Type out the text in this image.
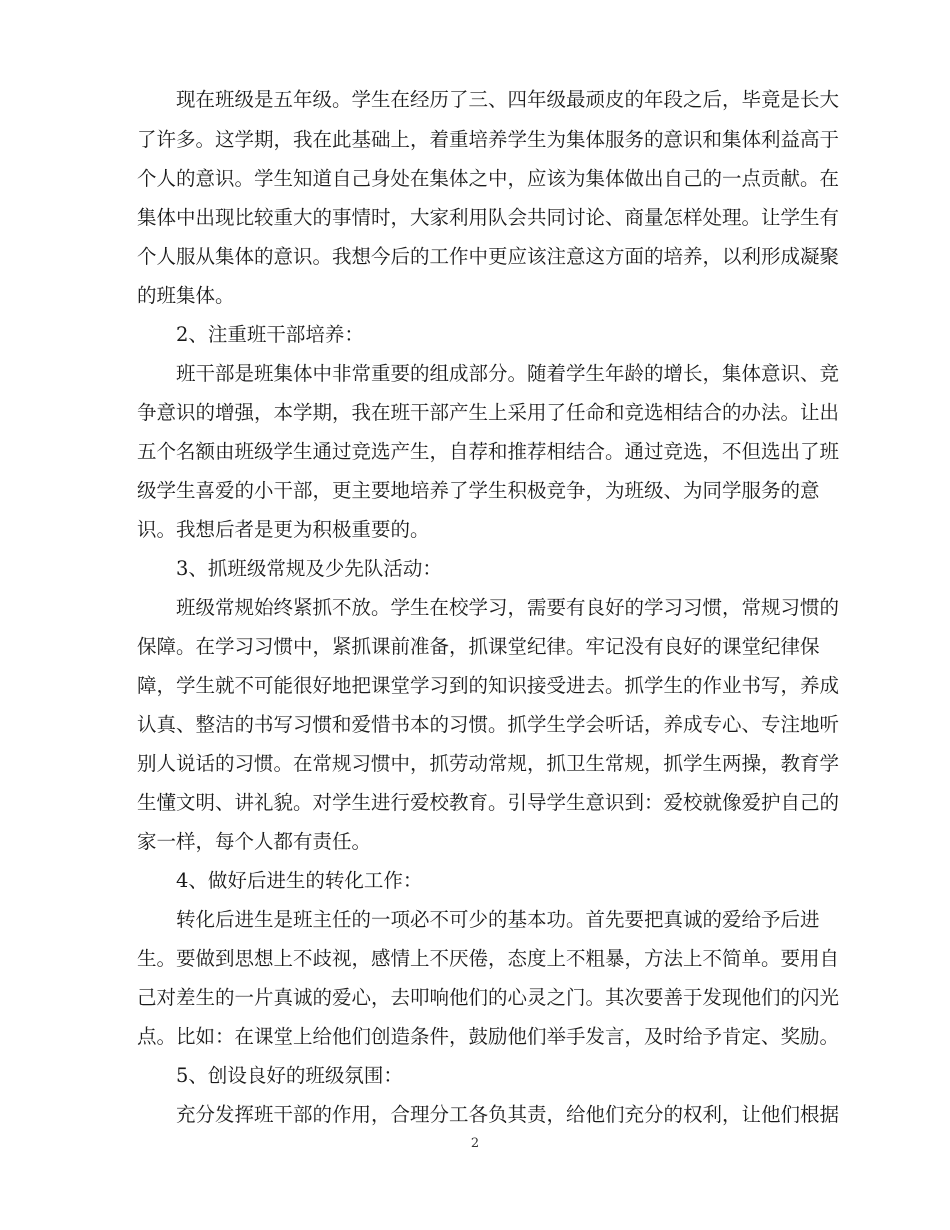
现在班级是五年级。学生在经历了三、四年级最顽皮的年段之后，毕竟是长大
了许多。这学期，我在此基础上，着重培养学生为集体服务的意识和集体利益高于
个人的意识。学生知道自己身处在集体之中，应该为集体做出自己的一点贡献。在
集体中出现比较重大的事情时，大家利用队会共同讨论、商量怎样处理。让学生有
个人服从集体的意识。我想今后的工作中更应该注意这方面的培养，以利形成凝聚
的班集体。
2、注重班干部培养：
班干部是班集体中非常重要的组成部分。随着学生年龄的增长，集体意识、竞
争意识的增强，本学期，我在班干部产生上采用了任命和竞选相结合的办法。让出
五个名额由班级学生通过竞选产生，自荐和推荐相结合。通过竞选，不但选出了班
级学生喜爱的小干部，更主要地培养了学生积极竞争，为班级、为同学服务的意
识。我想后者是更为积极重要的。
3、抓班级常规及少先队活动：
班级常规始终紧抓不放。学生在校学习，需要有良好的学习习惯，常规习惯的
保障。在学习习惯中，紧抓课前准备，抓课堂纪律。牢记没有良好的课堂纪律保
障，学生就不可能很好地把课堂学习到的知识接受进去。抓学生的作业书写，养成
认真、整洁的书写习惯和爱惜书本的习惯。抓学生学会听话，养成专心、专注地听
别人说话的习惯。在常规习惯中，抓劳动常规，抓卫生常规，抓学生两操，教育学
生懂文明、讲礼貌。对学生进行爱校教育。引导学生意识到：爱校就像爱护自己的
家一样，每个人都有责任。
4、做好后进生的转化工作：
转化后进生是班主任的一项必不可少的基本功。首先要把真诚的爱给予后进
生。要做到思想上不歧视，感情上不厌倦，态度上不粗暴，方法上不简单。要用自
己对差生的一片真诚的爱心，去叩响他们的心灵之门。其次要善于发现他们的闪光
点。比如：在课堂上给他们创造条件，鼓励他们举手发言，及时给予肯定、奖励。
5、创设良好的班级氛围：
充分发挥班干部的作用，合理分工各负其责，给他们充分的权利，让他们根据
2
